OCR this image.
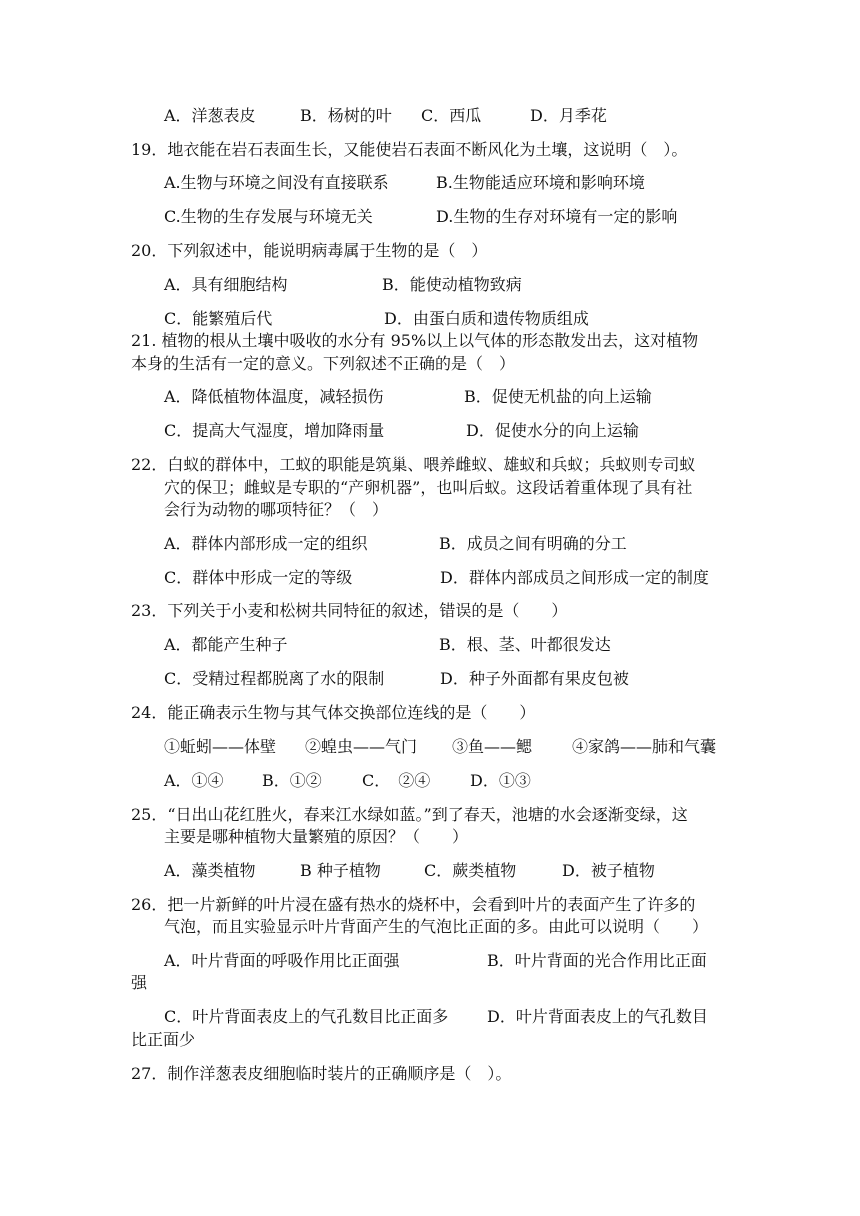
A．洋葱表皮	B．杨树的叶 C．西瓜	D．月季花
19．地衣能在岩石表面生长，又能使岩石表面不断风化为土壤，这说明（　）。
A.生物与环境之间没有直接联系	B.生物能适应环境和影响环境
C.生物的生存发展与环境无关	D.生物的生存对环境有一定的影响
20．下列叙述中，能说明病毒属于生物的是（　）
A．具有细胞结构	B．能使动植物致病
C．能繁殖后代	D．由蛋白质和遗传物质组成
21. 植物的根从土壤中吸收的水分有 95%以上以气体的形态散发出去，这对植物
本身的生活有一定的意义。下列叙述不正确的是（　）
A．降低植物体温度，减轻损伤	B．促使无机盐的向上运输
C．提高大气湿度，增加降雨量	D．促使水分的向上运输
22．白蚁的群体中，工蚁的职能是筑巢、喂养雌蚁、雄蚁和兵蚁；兵蚁则专司蚁
穴的保卫；雌蚁是专职的“产卵机器”，也叫后蚁。这段话着重体现了具有社
会行为动物的哪项特征？（　）
A．群体内部形成一定的组织	B．成员之间有明确的分工
C．群体中形成一定的等级	D．群体内部成员之间形成一定的制度
23．下列关于小麦和松树共同特征的叙述，错误的是（　　）
A．都能产生种子	B．根、茎、叶都很发达
C．受精过程都脱离了水的限制	D．种子外面都有果皮包被
24．能正确表示生物与其气体交换部位连线的是（　　）
①蚯蚓——体壁 ②蝗虫——气门 ③鱼——鳃 ④家鸽——肺和气囊
A．①④ B．①②	C．　②④ D．①③
25．“日出山花红胜火，春来江水绿如蓝。”到了春天，池塘的水会逐渐变绿，这
主要是哪种植物大量繁殖的原因？（　　）
A．藻类植物	B 种子植物	C．蕨类植物	D．被子植物
26．把一片新鲜的叶片浸在盛有热水的烧杯中，会看到叶片的表面产生了许多的
气泡，而且实验显示叶片背面产生的气泡比正面的多。由此可以说明（　　）
A．叶片背面的呼吸作用比正面强	B．叶片背面的光合作用比正面
强
C．叶片背面表皮上的气孔数目比正面多 D．叶片背面表皮上的气孔数目
比正面少
27．制作洋葱表皮细胞临时装片的正确顺序是（　）。
